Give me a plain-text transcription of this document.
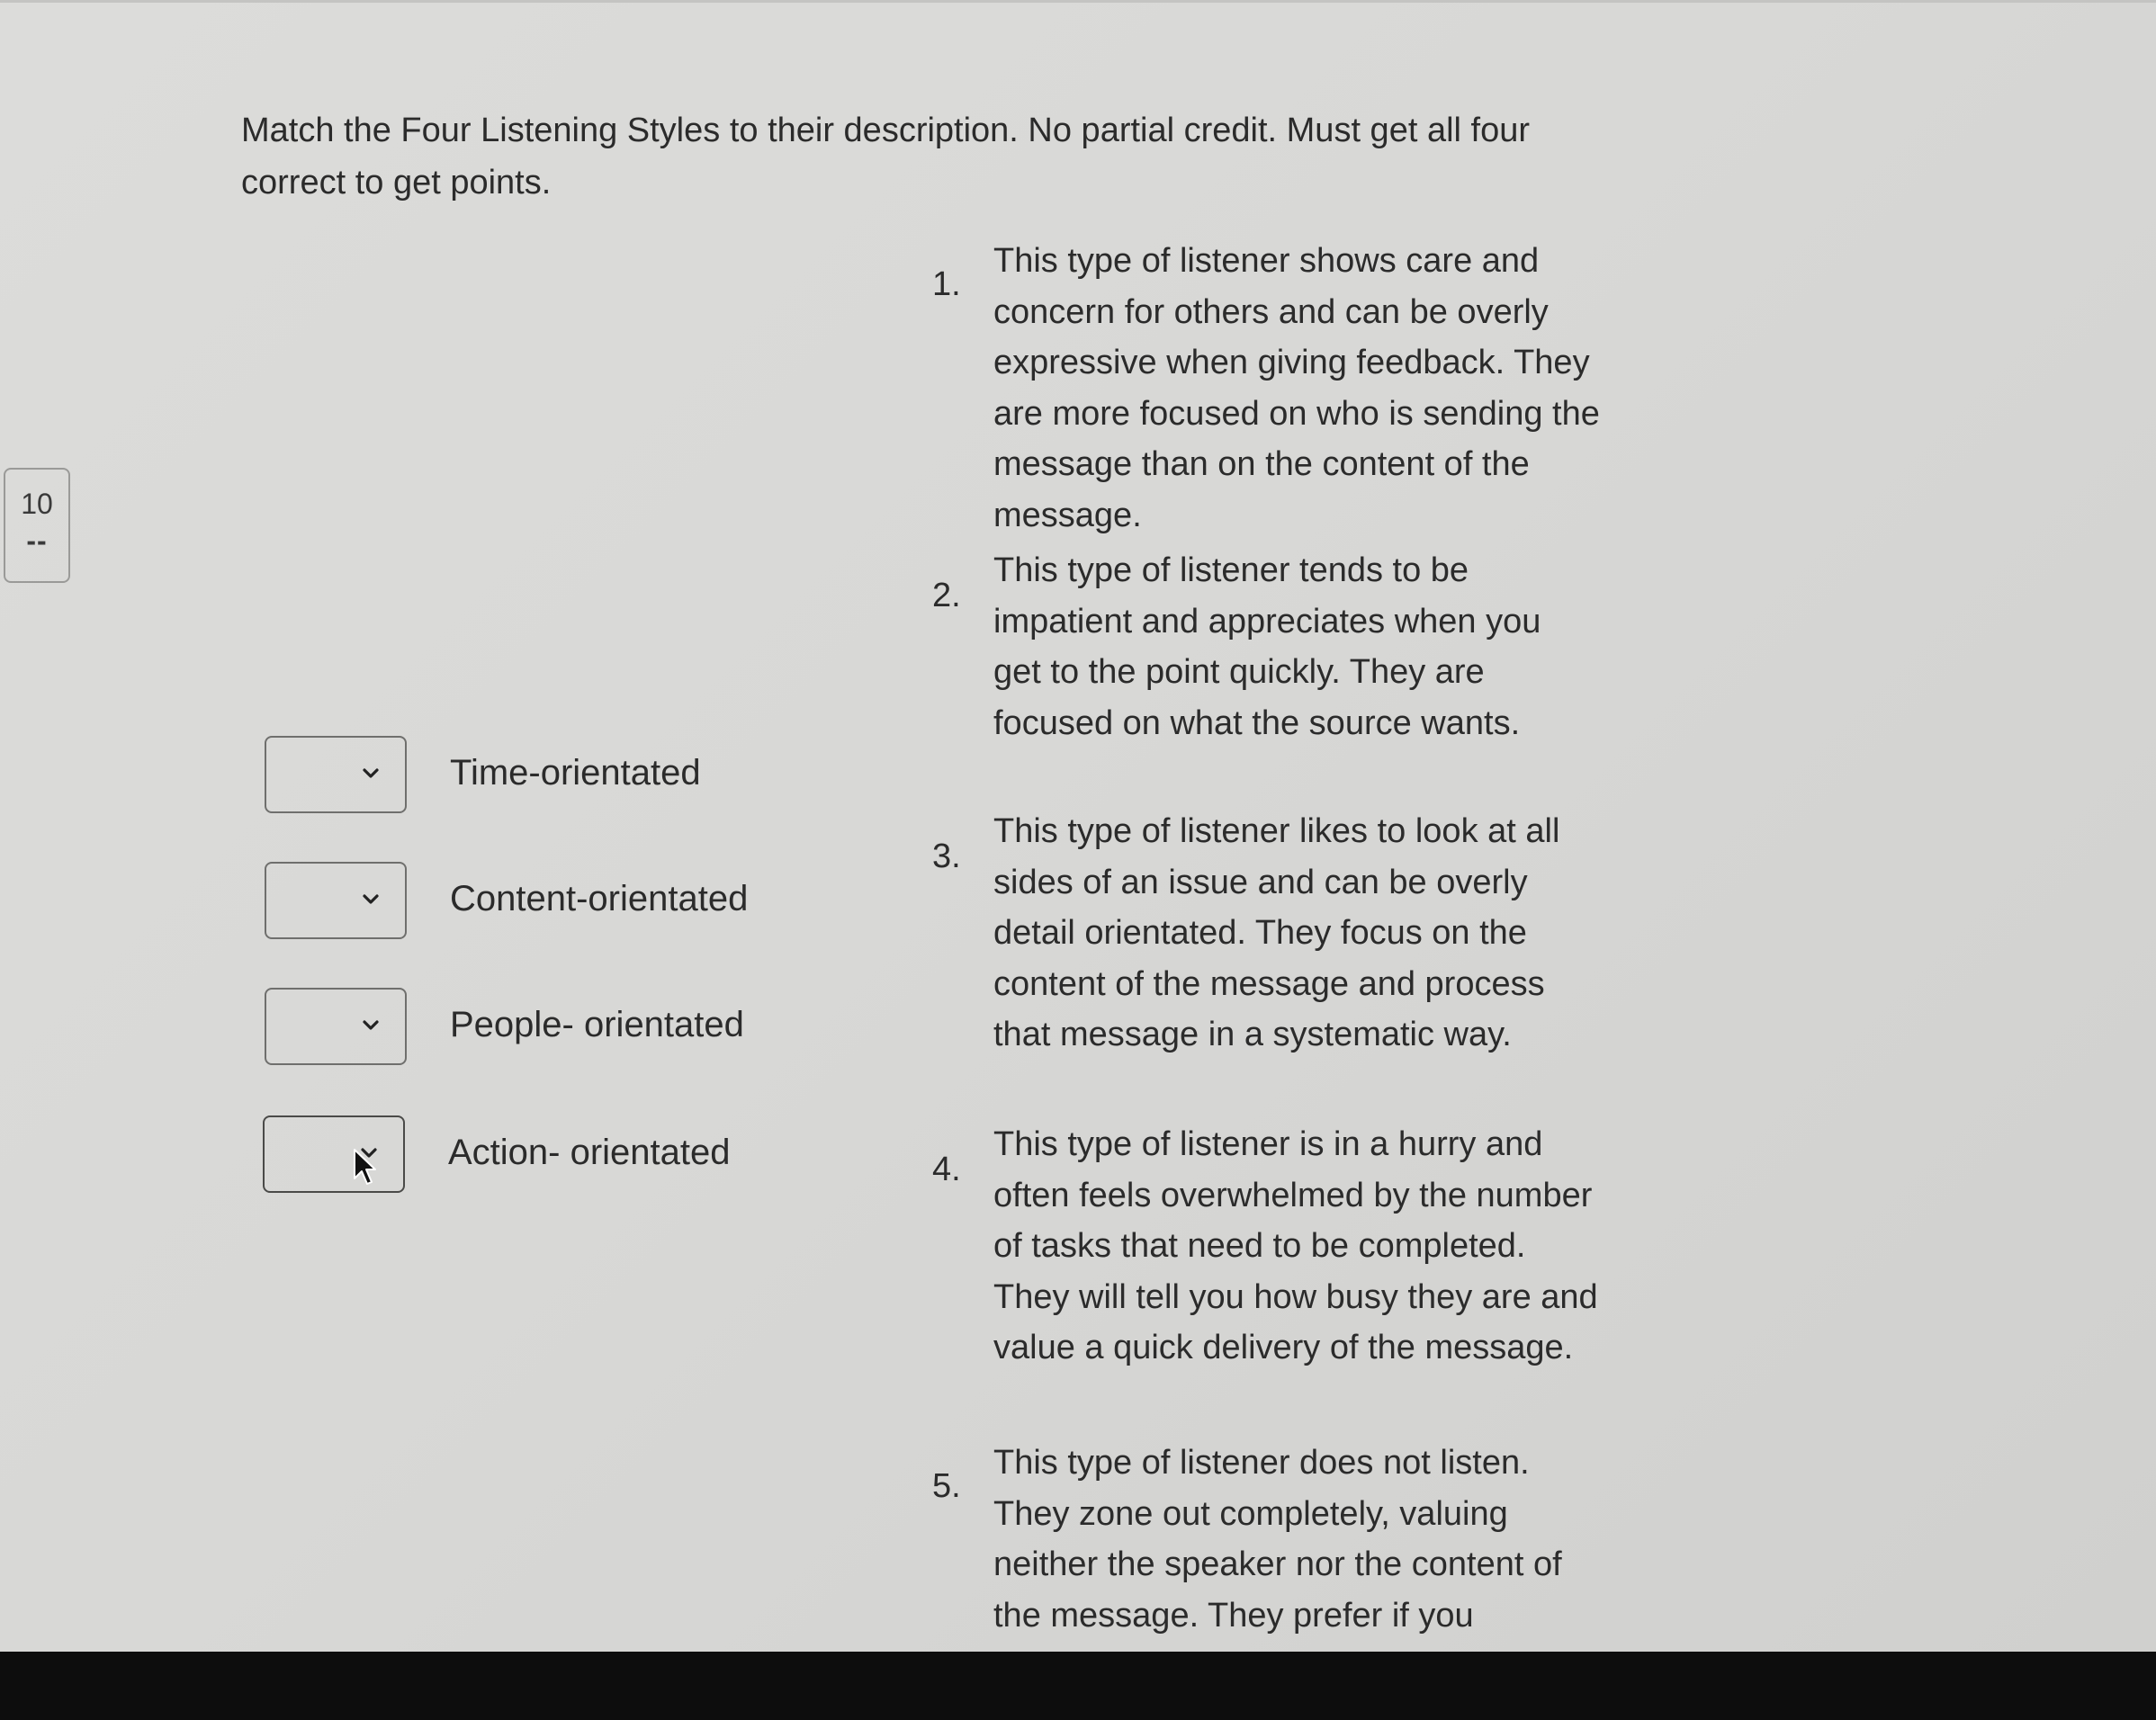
Match the Four Listening Styles to their description. No partial credit. Must get all four correct to get points.
10
--
Time-orientated
Content-orientated
People- orientated
Action- orientated
1.
This type of listener shows care and concern for others and can be overly expressive when giving feedback. They are more focused on who is sending the message than on the content of the message.
2.
This type of listener tends to be impatient and appreciates when you get to the point quickly. They are focused on what the source wants.
3.
This type of listener likes to look at all sides of an issue and can be overly detail orientated. They focus on the content of the message and process that message in a systematic way.
4.
This type of listener is in a hurry and often feels overwhelmed by the number of tasks that need to be completed. They will tell you how busy they are and value a quick delivery of the message.
5.
This type of listener does not listen. They zone out completely, valuing neither the speaker nor the content of the message. They prefer if you
